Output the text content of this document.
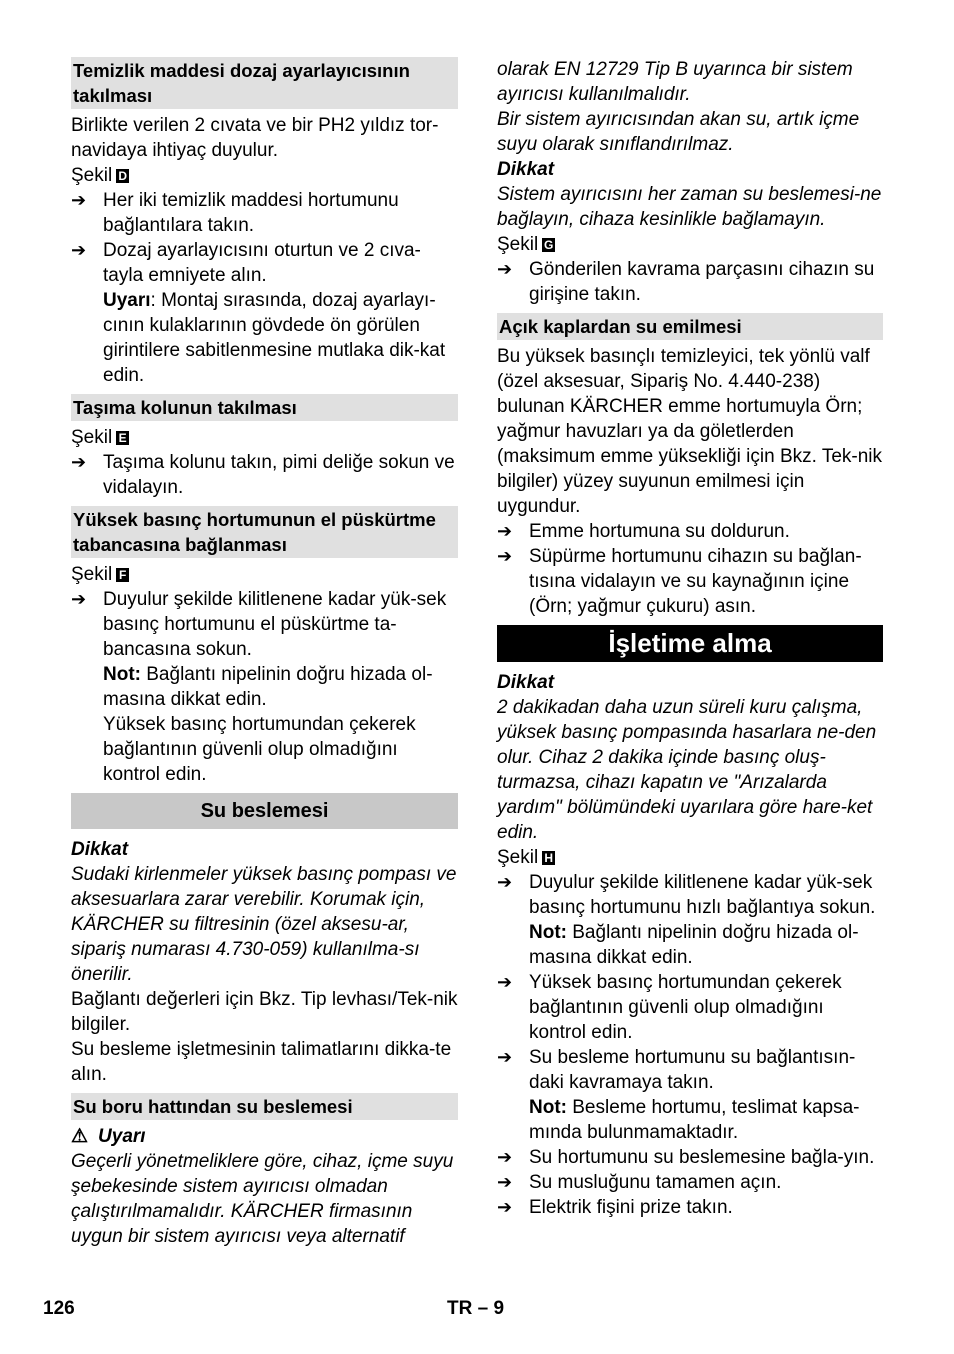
Temizlik maddesi dozaj ayarlayıcısının takılması

Birlikte verilen 2 cıvata ve bir PH2 yıldız tor-navidaya ihtiyaç duyulur.

Şekil D

➔ Her iki temizlik maddesi hortumunu bağlantılara takın.
➔ Dozaj ayarlayıcısını oturtun ve 2 cıva-tayla emniyete alın.
Uyarı: Montaj sırasında, dozaj ayarlayı-cının kulaklarının gövdede ön görülen girintilere sabitlenmesine mutlaka dik-kat edin.
Taşıma kolunun takılması

Şekil E

➔ Taşıma kolunu takın, pimi deliğe sokun ve vidalayın.
Yüksek basınç hortumunun el püskürtme tabancasına bağlanması

Şekil F

➔ Duyulur şekilde kilitlenene kadar yük-sek basınç hortumunu el püskürtme ta-bancasına sokun.
Not: Bağlantı nipelinin doğru hizada ol-masına dikkat edin.
Yüksek basınç hortumundan çekerek bağlantının güvenli olup olmadığını kontrol edin.
Su beslemesi

Dikkat

Sudaki kirlenmeler yüksek basınç pompası ve aksesuarlara zarar verebilir. Korumak için, KÄRCHER su filtresinin (özel aksesu-ar, sipariş numarası 4.730-059) kullanılma-sı önerilir.

Bağlantı değerleri için Bkz. Tip levhası/Tek-nik bilgiler.

Su besleme işletmesinin talimatlarını dikka-te alın.

Su boru hattından su beslemesi

⚠ Uyarı

Geçerli yönetmeliklere göre, cihaz, içme suyu şebekesinde sistem ayırıcısı olmadan çalıştırılmamalıdır. KÄRCHER firmasının uygun bir sistem ayırıcısı veya alternatif

olarak EN 12729 Tip B uyarınca bir sistem ayırıcısı kullanılmalıdır.

Bir sistem ayırıcısından akan su, artık içme suyu olarak sınıflandırılmaz.

Dikkat

Sistem ayırıcısını her zaman su beslemesi-ne bağlayın, cihaza kesinlikle bağlamayın.

Şekil G

➔ Gönderilen kavrama parçasını cihazın su girişine takın.
Açık kaplardan su emilmesi

Bu yüksek basınçlı temizleyici, tek yönlü valf (özel aksesuar, Sipariş No. 4.440-238) bulunan KÄRCHER emme hortumuyla Örn; yağmur havuzları ya da göletlerden (maksimum emme yüksekliği için Bkz. Tek-nik bilgiler) yüzey suyunun emilmesi için uygundur.

➔ Emme hortumuna su doldurun.
➔ Süpürme hortumunu cihazın su bağlan-tısına vidalayın ve su kaynağının içine (Örn; yağmur çukuru) asın.
İşletime alma

Dikkat

2 dakikadan daha uzun süreli kuru çalışma, yüksek basınç pompasında hasarlara ne-den olur. Cihaz 2 dakika içinde basınç oluş-turmazsa, cihazı kapatın ve "Arızalarda yardım" bölümündeki uyarılara göre hare-ket edin.

Şekil H

➔ Duyulur şekilde kilitlenene kadar yük-sek basınç hortumunu hızlı bağlantıya sokun.
Not: Bağlantı nipelinin doğru hizada ol-masına dikkat edin.
➔ Yüksek basınç hortumundan çekerek bağlantının güvenli olup olmadığını kontrol edin.
➔ Su besleme hortumunu su bağlantısın-daki kavramaya takın.
Not: Besleme hortumu, teslimat kapsa-mında bulunmamaktadır.
➔ Su hortumunu su beslemesine bağla-yın.
➔ Su musluğunu tamamen açın.
➔ Elektrik fişini prize takın.
126	TR – 9
